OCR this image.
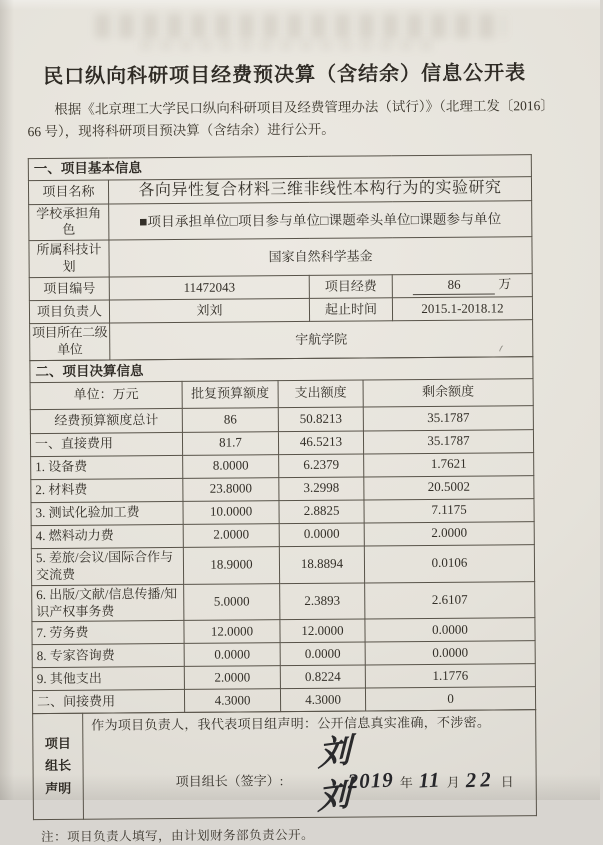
民口纵向科研项目经费预决算（含结余）信息公开表

根据《北京理工大学民口纵向科研项目及经费管理办法（试行）》（北理工发〔2016〕66 号），现将科研项目预决算（含结余）进行公开。

一、项目基本信息			
项目名称	各向异性复合材料三维非线性本构行为的实验研究		
学校承担角色	■项目承担单位□项目参与单位□课题牵头单位□课题参与单位		
所属科技计划	国家自然科学基金		
项目编号	11472043	项目经费	86 万
项目负责人	刘刘	起止时间	2015.1-2018.12
项目所在二级
单位	宇航学院		
二、项目决算信息			
单位：万元	批复预算额度	支出额度	剩余额度
经费预算额度总计	86	50.8213	35.1787
一、直接费用	81.7	46.5213	35.1787
1. 设备费	8.0000	6.2379	1.7621
2. 材料费	23.8000	3.2998	20.5002
3. 测试化验加工费	10.0000	2.8825	7.1175
4. 燃料动力费	2.0000	0.0000	2.0000
5. 差旅/会议/国际合作与交流费	18.9000	18.8894	0.0106
6. 出版/文献/信息传播/知识产权事务费	5.0000	2.3893	2.6107
7. 劳务费	12.0000	12.0000	0.0000
8. 专家咨询费	0.0000	0.0000	0.0000
9. 其他支出	2.0000	0.8224	1.1776
二、间接费用	4.3000	4.3000	0
项目
组长
声明	
作为项目负责人，我代表项目组声明：公开信息真实准确，不涉密。
项目组长（签字）:
刘刘 2019 年 11 月 22 日
注：项目负责人填写，由计划财务部负责公开。
